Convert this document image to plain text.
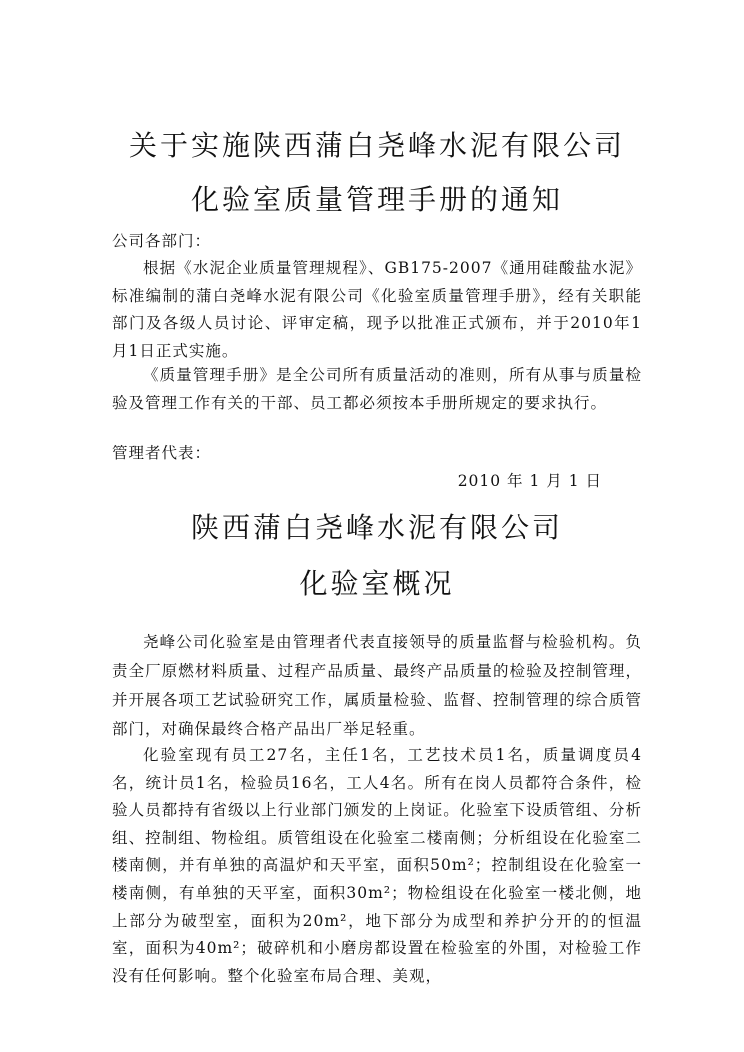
关于实施陕西蒲白尧峰水泥有限公司
化验室质量管理手册的通知

公司各部门：

根据《水泥企业质量管理规程》、GB175-2007《通用硅酸盐水泥》标准编制的蒲白尧峰水泥有限公司《化验室质量管理手册》，经有关职能部门及各级人员讨论、评审定稿，现予以批准正式颁布，并于2010年1月1日正式实施。

《质量管理手册》是全公司所有质量活动的准则，所有从事与质量检验及管理工作有关的干部、员工都必须按本手册所规定的要求执行。

管理者代表：

2010 年 1 月 1 日
陕西蒲白尧峰水泥有限公司
化验室概况

尧峰公司化验室是由管理者代表直接领导的质量监督与检验机构。负责全厂原燃材料质量、过程产品质量、最终产品质量的检验及控制管理，并开展各项工艺试验研究工作，属质量检验、监督、控制管理的综合质管部门，对确保最终合格产品出厂举足轻重。

化验室现有员工27名，主任1名，工艺技术员1名，质量调度员4名，统计员1名，检验员16名，工人4名。所有在岗人员都符合条件，检验人员都持有省级以上行业部门颁发的上岗证。化验室下设质管组、分析组、控制组、物检组。质管组设在化验室二楼南侧；分析组设在化验室二楼南侧，并有单独的高温炉和天平室，面积50m²；控制组设在化验室一楼南侧，有单独的天平室，面积30m²；物检组设在化验室一楼北侧，地上部分为破型室，面积为20m²，地下部分为成型和养护分开的的恒温室，面积为40m²；破碎机和小磨房都设置在检验室的外围，对检验工作没有任何影响。整个化验室布局合理、美观，
